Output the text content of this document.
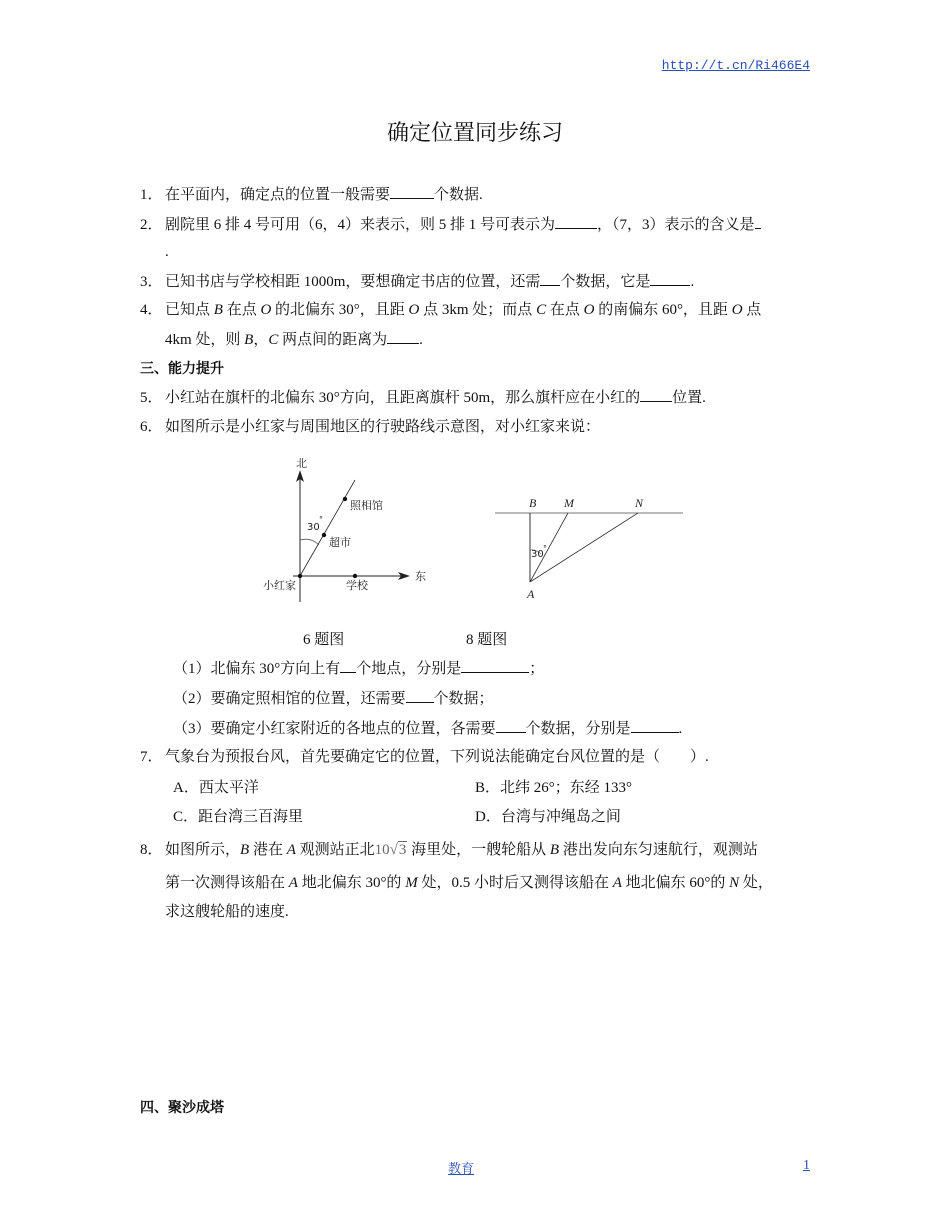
http://t.cn/Ri466E4
确定位置同步练习
1． 在平面内，确定点的位置一般需要	个数据.
2． 剧院里 6 排 4 号可用（6，4）来表示，则 5 排 1 号可表示为	，（7，3）表示的含义是
.
3． 已知书店与学校相距 1000m，要想确定书店的位置，还需 个数据，它是	.
4． 已知点 B 在点 O 的北偏东 30°，且距 O 点 3km 处；而点 C 在点 O 的南偏东 60°，且距 O 点
4km 处，则 B，C 两点间的距离为 .
三、能力提升
5． 小红站在旗杆的北偏东 30°方向，且距离旗杆 50m，那么旗杆应在小红的 位置.
6． 如图所示是小红家与周围地区的行驶路线示意图，对小红家来说：
北
东
小红家	学校
超市
照相馆
30
°
B M	N
A
30
°
6 题图	8 题图
（1）北偏东 30°方向上有 个地点，分别是	；
（2）要确定照相馆的位置，还需要 个数据；
（3）要确定小红家附近的各地点的位置，各需要 个数据，分别是	.
7． 气象台为预报台风，首先要确定它的位置，下列说法能确定台风位置的是（　　）.
A．西太平洋	B．北纬 26°；东经 133°
C．距台湾三百海里	D．台湾与冲绳岛之间
8． 如图所示，B 港在 A 观测站正北10√3 海里处，一艘轮船从 B 港出发向东匀速航行，观测站
第一次测得该船在 A 地北偏东 30°的 M 处，0.5 小时后又测得该船在 A 地北偏东 60°的 N 处，
求这艘轮船的速度.
四、聚沙成塔
教育	1
